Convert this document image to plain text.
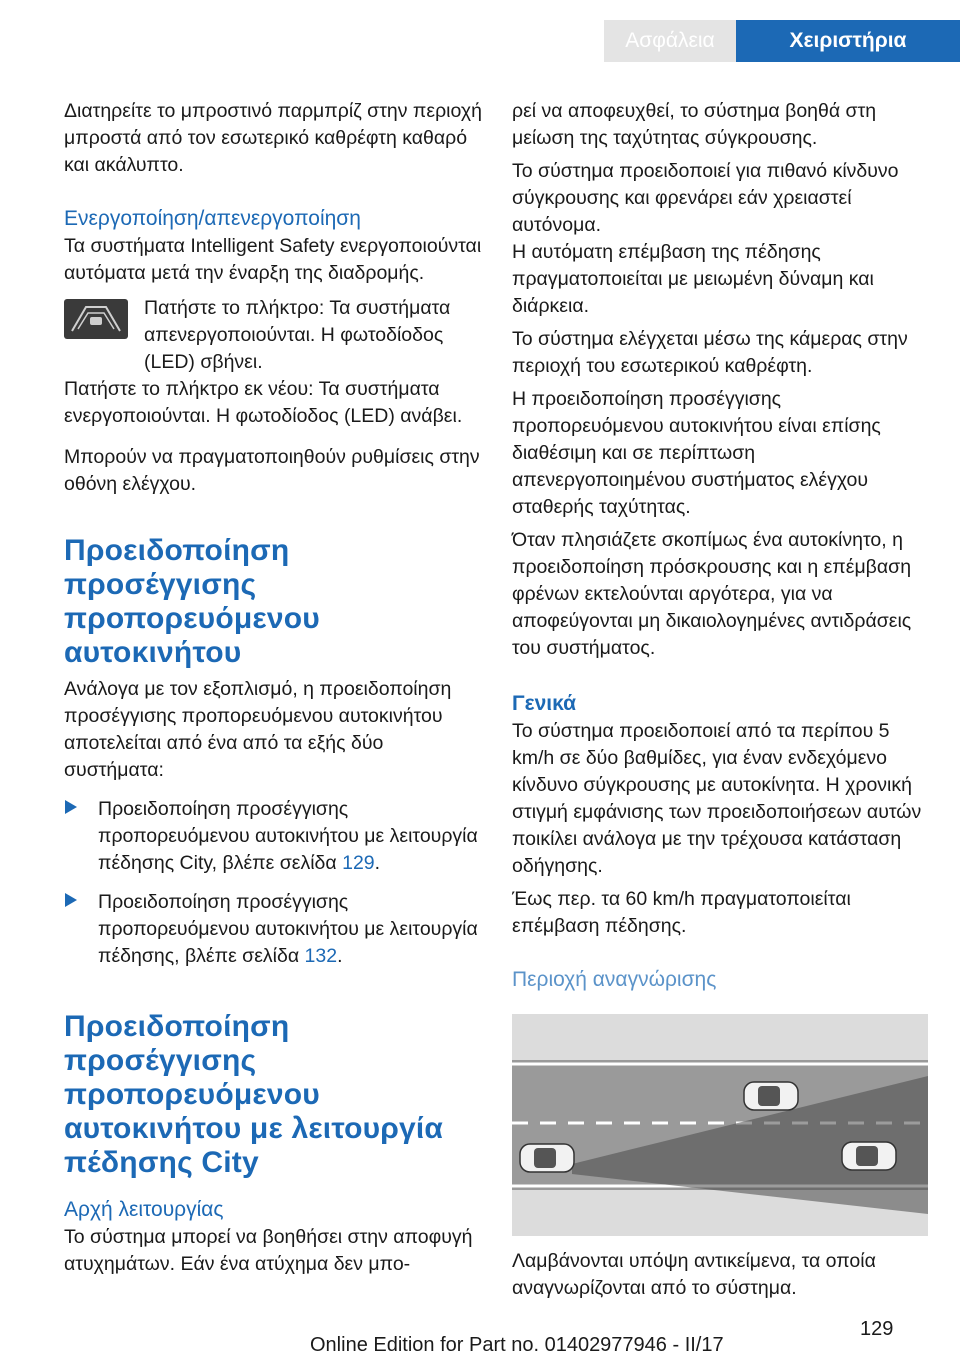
Ασφάλεια	Χειριστήρια

Διατηρείτε το μπροστινό παρμπρίζ στην περιοχή μπροστά από τον εσωτερικό καθρέφτη καθαρό και ακάλυπτο.

Ενεργοποίηση/απενεργοποίηση

Τα συστήματα Intelligent Safety ενεργοποιούνται αυτόματα μετά την έναρξη της διαδρομής.

Πατήστε το πλήκτρο: Τα συστήματα απενεργοποιούνται. Η φωτοδίοδος (LED) σβήνει.

Πατήστε το πλήκτρο εκ νέου: Τα συστήματα ενεργοποιούνται. Η φωτοδίοδος (LED) ανάβει.

Μπορούν να πραγματοποιηθούν ρυθμίσεις στην οθόνη ελέγχου.

Προειδοποίηση προσέγγισης προπορευόμενου αυτοκινήτου

Ανάλογα με τον εξοπλισμό, η προειδοποίηση προσέγγισης προπορευόμενου αυτοκινήτου αποτελείται από ένα από τα εξής δύο συστήματα:

Προειδοποίηση προσέγγισης προπορευόμενου αυτοκινήτου με λειτουργία πέδησης City, βλέπε σελίδα 129.

Προειδοποίηση προσέγγισης προπορευόμενου αυτοκινήτου με λειτουργία πέδησης, βλέπε σελίδα 132.

Προειδοποίηση προσέγγισης προπορευόμενου αυτοκινήτου με λειτουργία πέδησης City
Αρχή λειτουργίας

Το σύστημα μπορεί να βοηθήσει στην αποφυγή ατυχημάτων. Εάν ένα ατύχημα δεν μπο-

ρεί να αποφευχθεί, το σύστημα βοηθά στη μείωση της ταχύτητας σύγκρουσης.

Το σύστημα προειδοποιεί για πιθανό κίνδυνο σύγκρουσης και φρενάρει εάν χρειαστεί αυτόνομα.

Η αυτόματη επέμβαση της πέδησης πραγματοποιείται με μειωμένη δύναμη και διάρκεια.

Το σύστημα ελέγχεται μέσω της κάμερας στην περιοχή του εσωτερικού καθρέφτη.

Η προειδοποίηση προσέγγισης προπορευόμενου αυτοκινήτου είναι επίσης διαθέσιμη και σε περίπτωση απενεργοποιημένου συστήματος ελέγχου σταθερής ταχύτητας.

Όταν πλησιάζετε σκοπίμως ένα αυτοκίνητο, η προειδοποίηση πρόσκρουσης και η επέμβαση φρένων εκτελούνται αργότερα, για να αποφεύγονται μη δικαιολογημένες αντιδράσεις του συστήματος.

Γενικά

Το σύστημα προειδοποιεί από τα περίπου 5 km/h σε δύο βαθμίδες, για έναν ενδεχόμενο κίνδυνο σύγκρουσης με αυτοκίνητα. Η χρονική στιγμή εμφάνισης των προειδοποιήσεων αυτών ποικίλει ανάλογα με την τρέχουσα κατάσταση οδήγησης.

Έως περ. τα 60 km/h πραγματοποιείται επέμβαση πέδησης.

Περιοχή αναγνώρισης

Λαμβάνονται υπόψη αντικείμενα, τα οποία αναγνωρίζονται από το σύστημα.

129
Online Edition for Part no. 01402977946 - II/17
